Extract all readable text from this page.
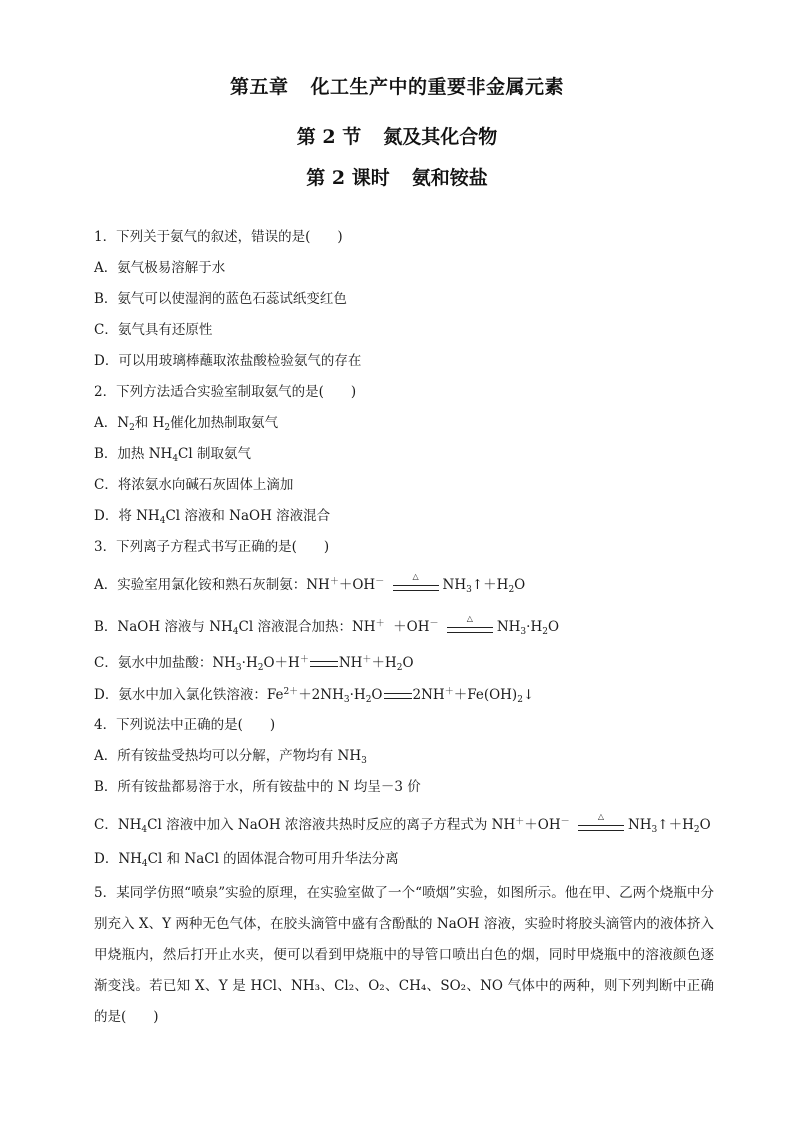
第五章 化工生产中的重要非金属元素
第 2 节 氮及其化合物
第 2 课时 氨和铵盐
1．下列关于氨气的叙述，错误的是(　　)
A．氨气极易溶解于水
B．氨气可以使湿润的蓝色石蕊试纸变红色
C．氨气具有还原性
D．可以用玻璃棒蘸取浓盐酸检验氨气的存在
2．下列方法适合实验室制取氨气的是(　　)
A．$N_2$和 $H_2$催化加热制取氨气
B．加热 $NH_4Cl$ 制取氨气
C．将浓氨水向碱石灰固体上滴加
D．将 $NH_4Cl$ 溶液和 NaOH 溶液混合
3．下列离子方程式书写正确的是(　　)
A．实验室用氯化铵和熟石灰制氨：NH＋＋OH－
△
$NH_3↑+H_2O$
B．NaOH 溶液与 $NH_4Cl$ 溶液混合加热：NH＋  ＋OH－
△
$NH_3\cdot H_2O$
C．氨水中加盐酸：$NH_3\cdot H_2O+H^+$ $NH^++H_2O$
D．氨水中加入氯化铁溶液：$Fe^{2+}+2NH_3\cdot H_2O$ $2NH^++Fe(OH)_2↓$
4．下列说法中正确的是(　　)
A．所有铵盐受热均可以分解，产物均有 $NH_3$
B．所有铵盐都易溶于水，所有铵盐中的 N 均呈－3 价
C．$NH_4Cl$ 溶液中加入 NaOH 浓溶液共热时反应的离子方程式为 NH＋＋OH－
△
$NH_3↑+H_2O$
D．$NH_4Cl$ 和 NaCl 的固体混合物可用升华法分离
5．某同学仿照“喷泉”实验的原理，在实验室做了一个“喷烟”实验，如图所示。他在甲、乙两个烧瓶中分别充入 X、Y 两种无色气体，在胶头滴管中盛有含酚酞的 NaOH 溶液，实验时将胶头滴管内的液体挤入甲烧瓶内，然后打开止水夹，便可以看到甲烧瓶中的导管口喷出白色的烟，同时甲烧瓶中的溶液颜色逐渐变浅。若已知 X、Y 是 HCl、NH₃、Cl₂、O₂、CH₄、SO₂、NO 气体中的两种，则下列判断中正确的是(　　)
